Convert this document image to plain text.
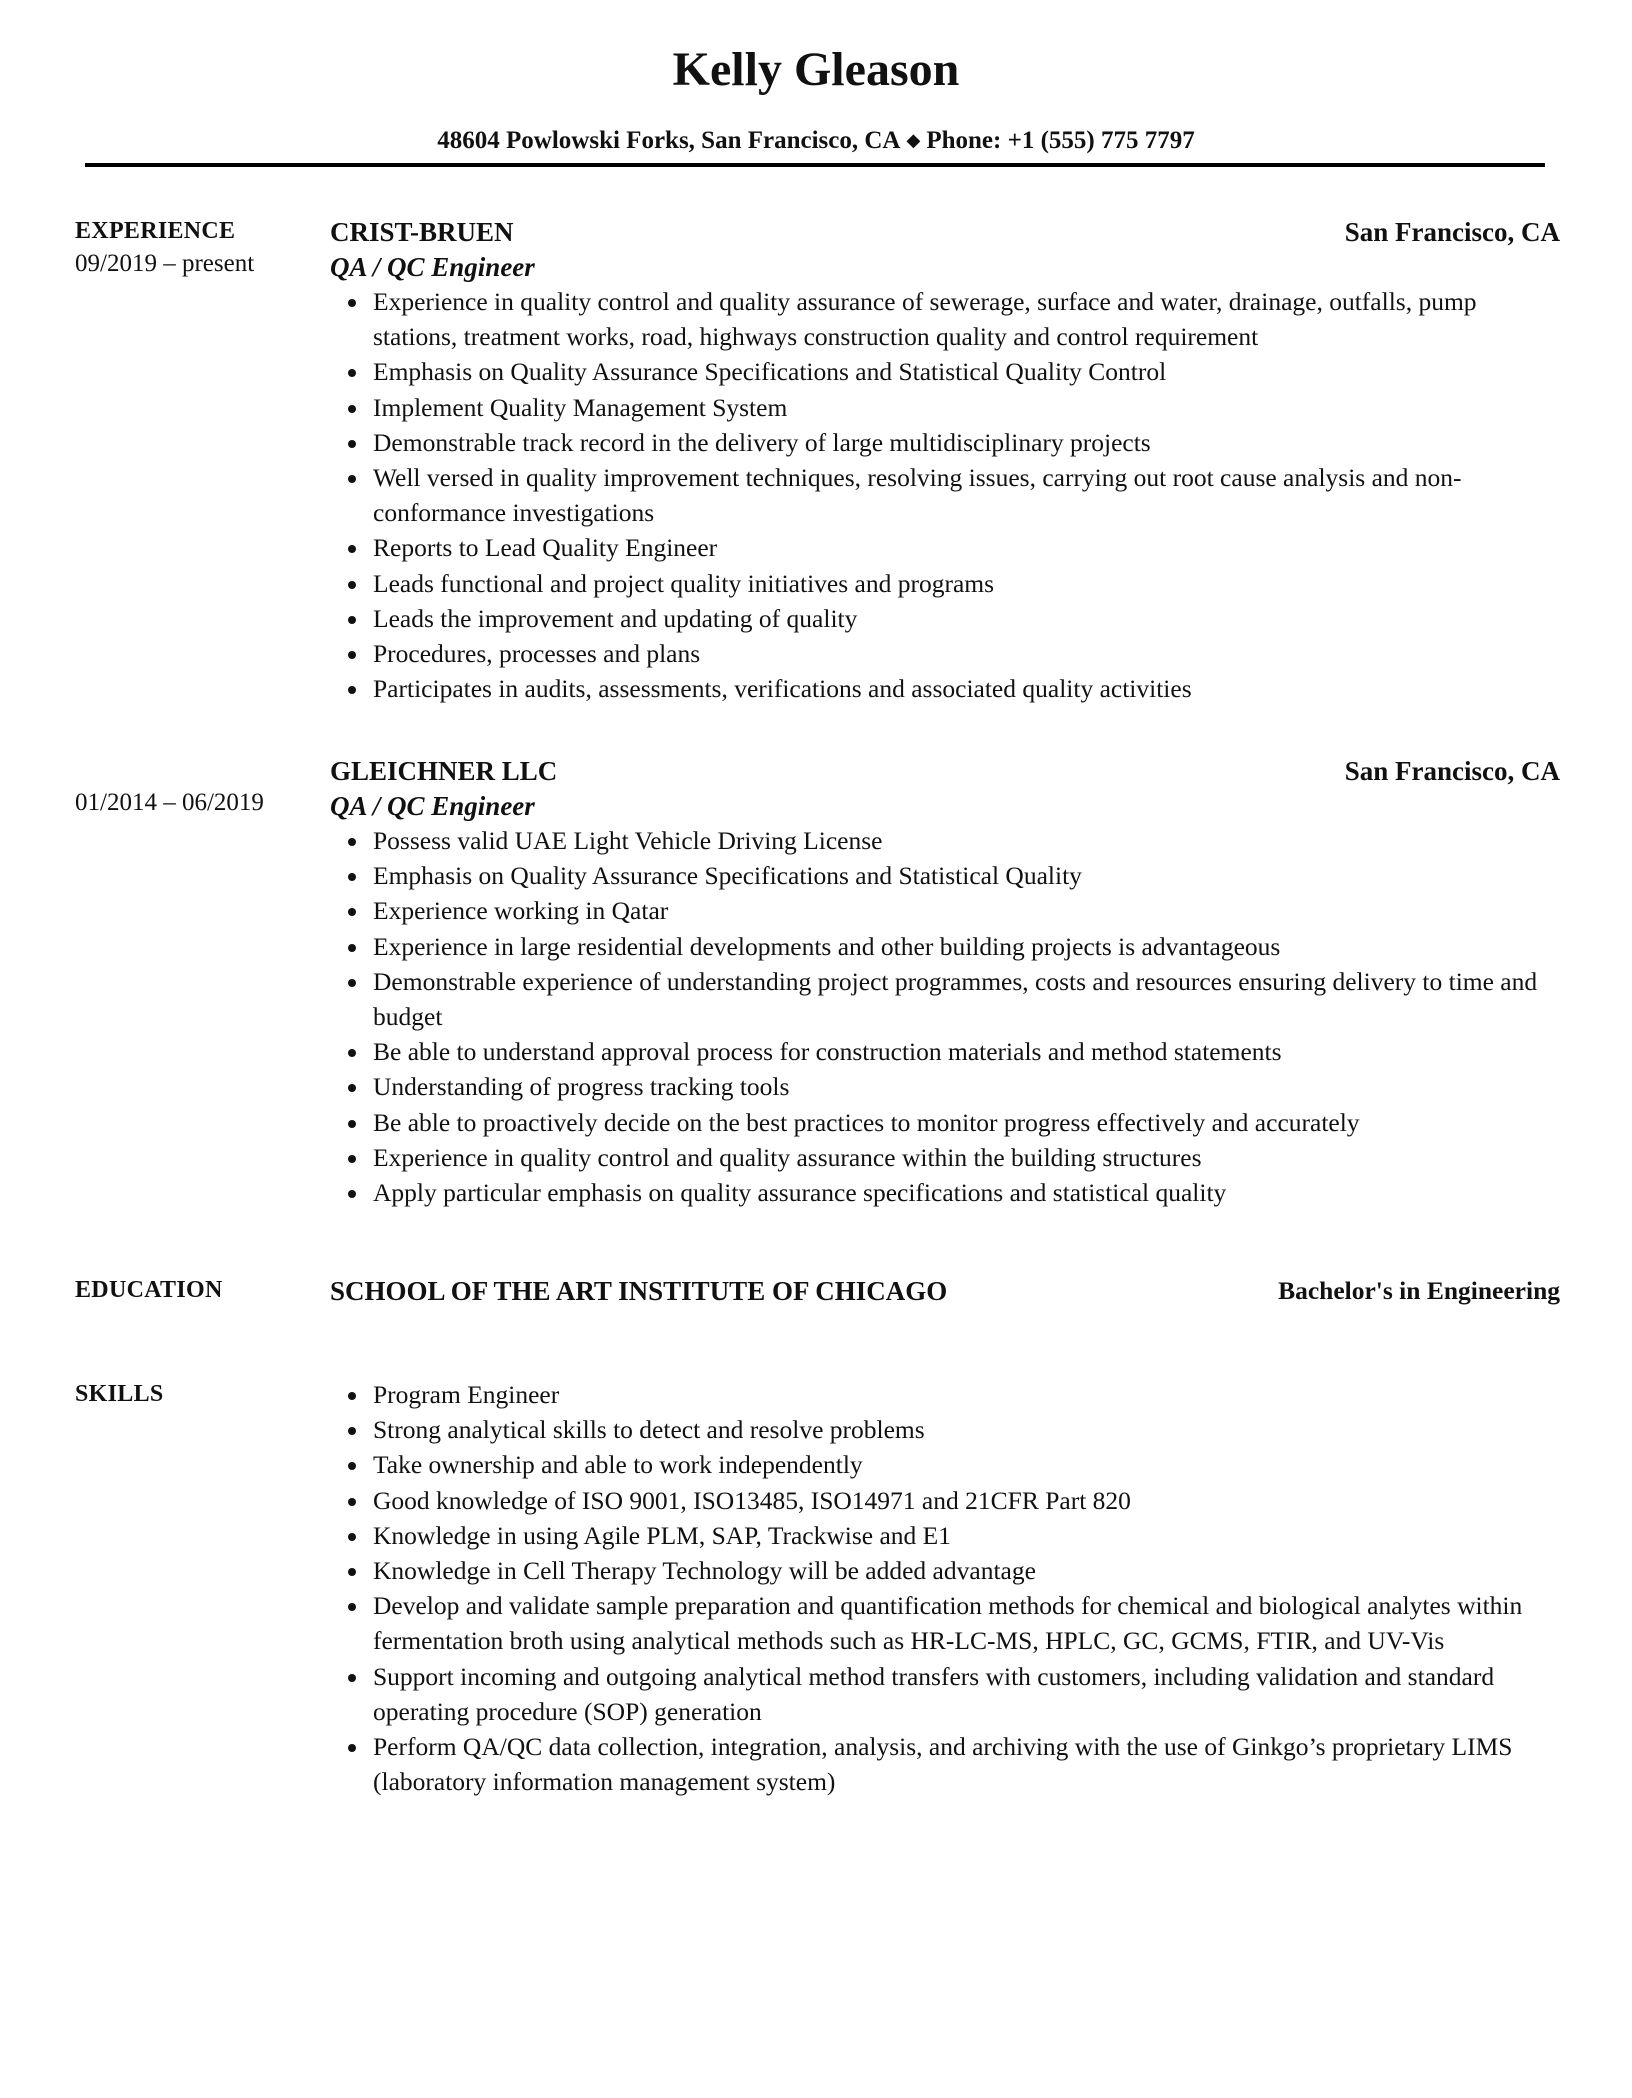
Kelly Gleason
48604 Powlowski Forks, San Francisco, CA ◆ Phone: +1 (555) 775 7797
EXPERIENCE
09/2019 – present
CRIST-BRUEN	San Francisco, CA
QA / QC Engineer
Experience in quality control and quality assurance of sewerage, surface and water, drainage, outfalls, pump stations, treatment works, road, highways construction quality and control requirement
Emphasis on Quality Assurance Specifications and Statistical Quality Control
Implement Quality Management System
Demonstrable track record in the delivery of large multidisciplinary projects
Well versed in quality improvement techniques, resolving issues, carrying out root cause analysis and non-conformance investigations
Reports to Lead Quality Engineer
Leads functional and project quality initiatives and programs
Leads the improvement and updating of quality
Procedures, processes and plans
Participates in audits, assessments, verifications and associated quality activities
01/2014 – 06/2019
GLEICHNER LLC	San Francisco, CA
QA / QC Engineer
Possess valid UAE Light Vehicle Driving License
Emphasis on Quality Assurance Specifications and Statistical Quality
Experience working in Qatar
Experience in large residential developments and other building projects is advantageous
Demonstrable experience of understanding project programmes, costs and resources ensuring delivery to time and budget
Be able to understand approval process for construction materials and method statements
Understanding of progress tracking tools
Be able to proactively decide on the best practices to monitor progress effectively and accurately
Experience in quality control and quality assurance within the building structures
Apply particular emphasis on quality assurance specifications and statistical quality
EDUCATION	SCHOOL OF THE ART INSTITUTE OF CHICAGO	Bachelor's in Engineering
SKILLS	Program Engineer
Strong analytical skills to detect and resolve problems
Take ownership and able to work independently
Good knowledge of ISO 9001, ISO13485, ISO14971 and 21CFR Part 820
Knowledge in using Agile PLM, SAP, Trackwise and E1
Knowledge in Cell Therapy Technology will be added advantage
Develop and validate sample preparation and quantification methods for chemical and biological analytes within fermentation broth using analytical methods such as HR-LC-MS, HPLC, GC, GCMS, FTIR, and UV-Vis
Support incoming and outgoing analytical method transfers with customers, including validation and standard operating procedure (SOP) generation
Perform QA/QC data collection, integration, analysis, and archiving with the use of Ginkgo’s proprietary LIMS (laboratory information management system)
